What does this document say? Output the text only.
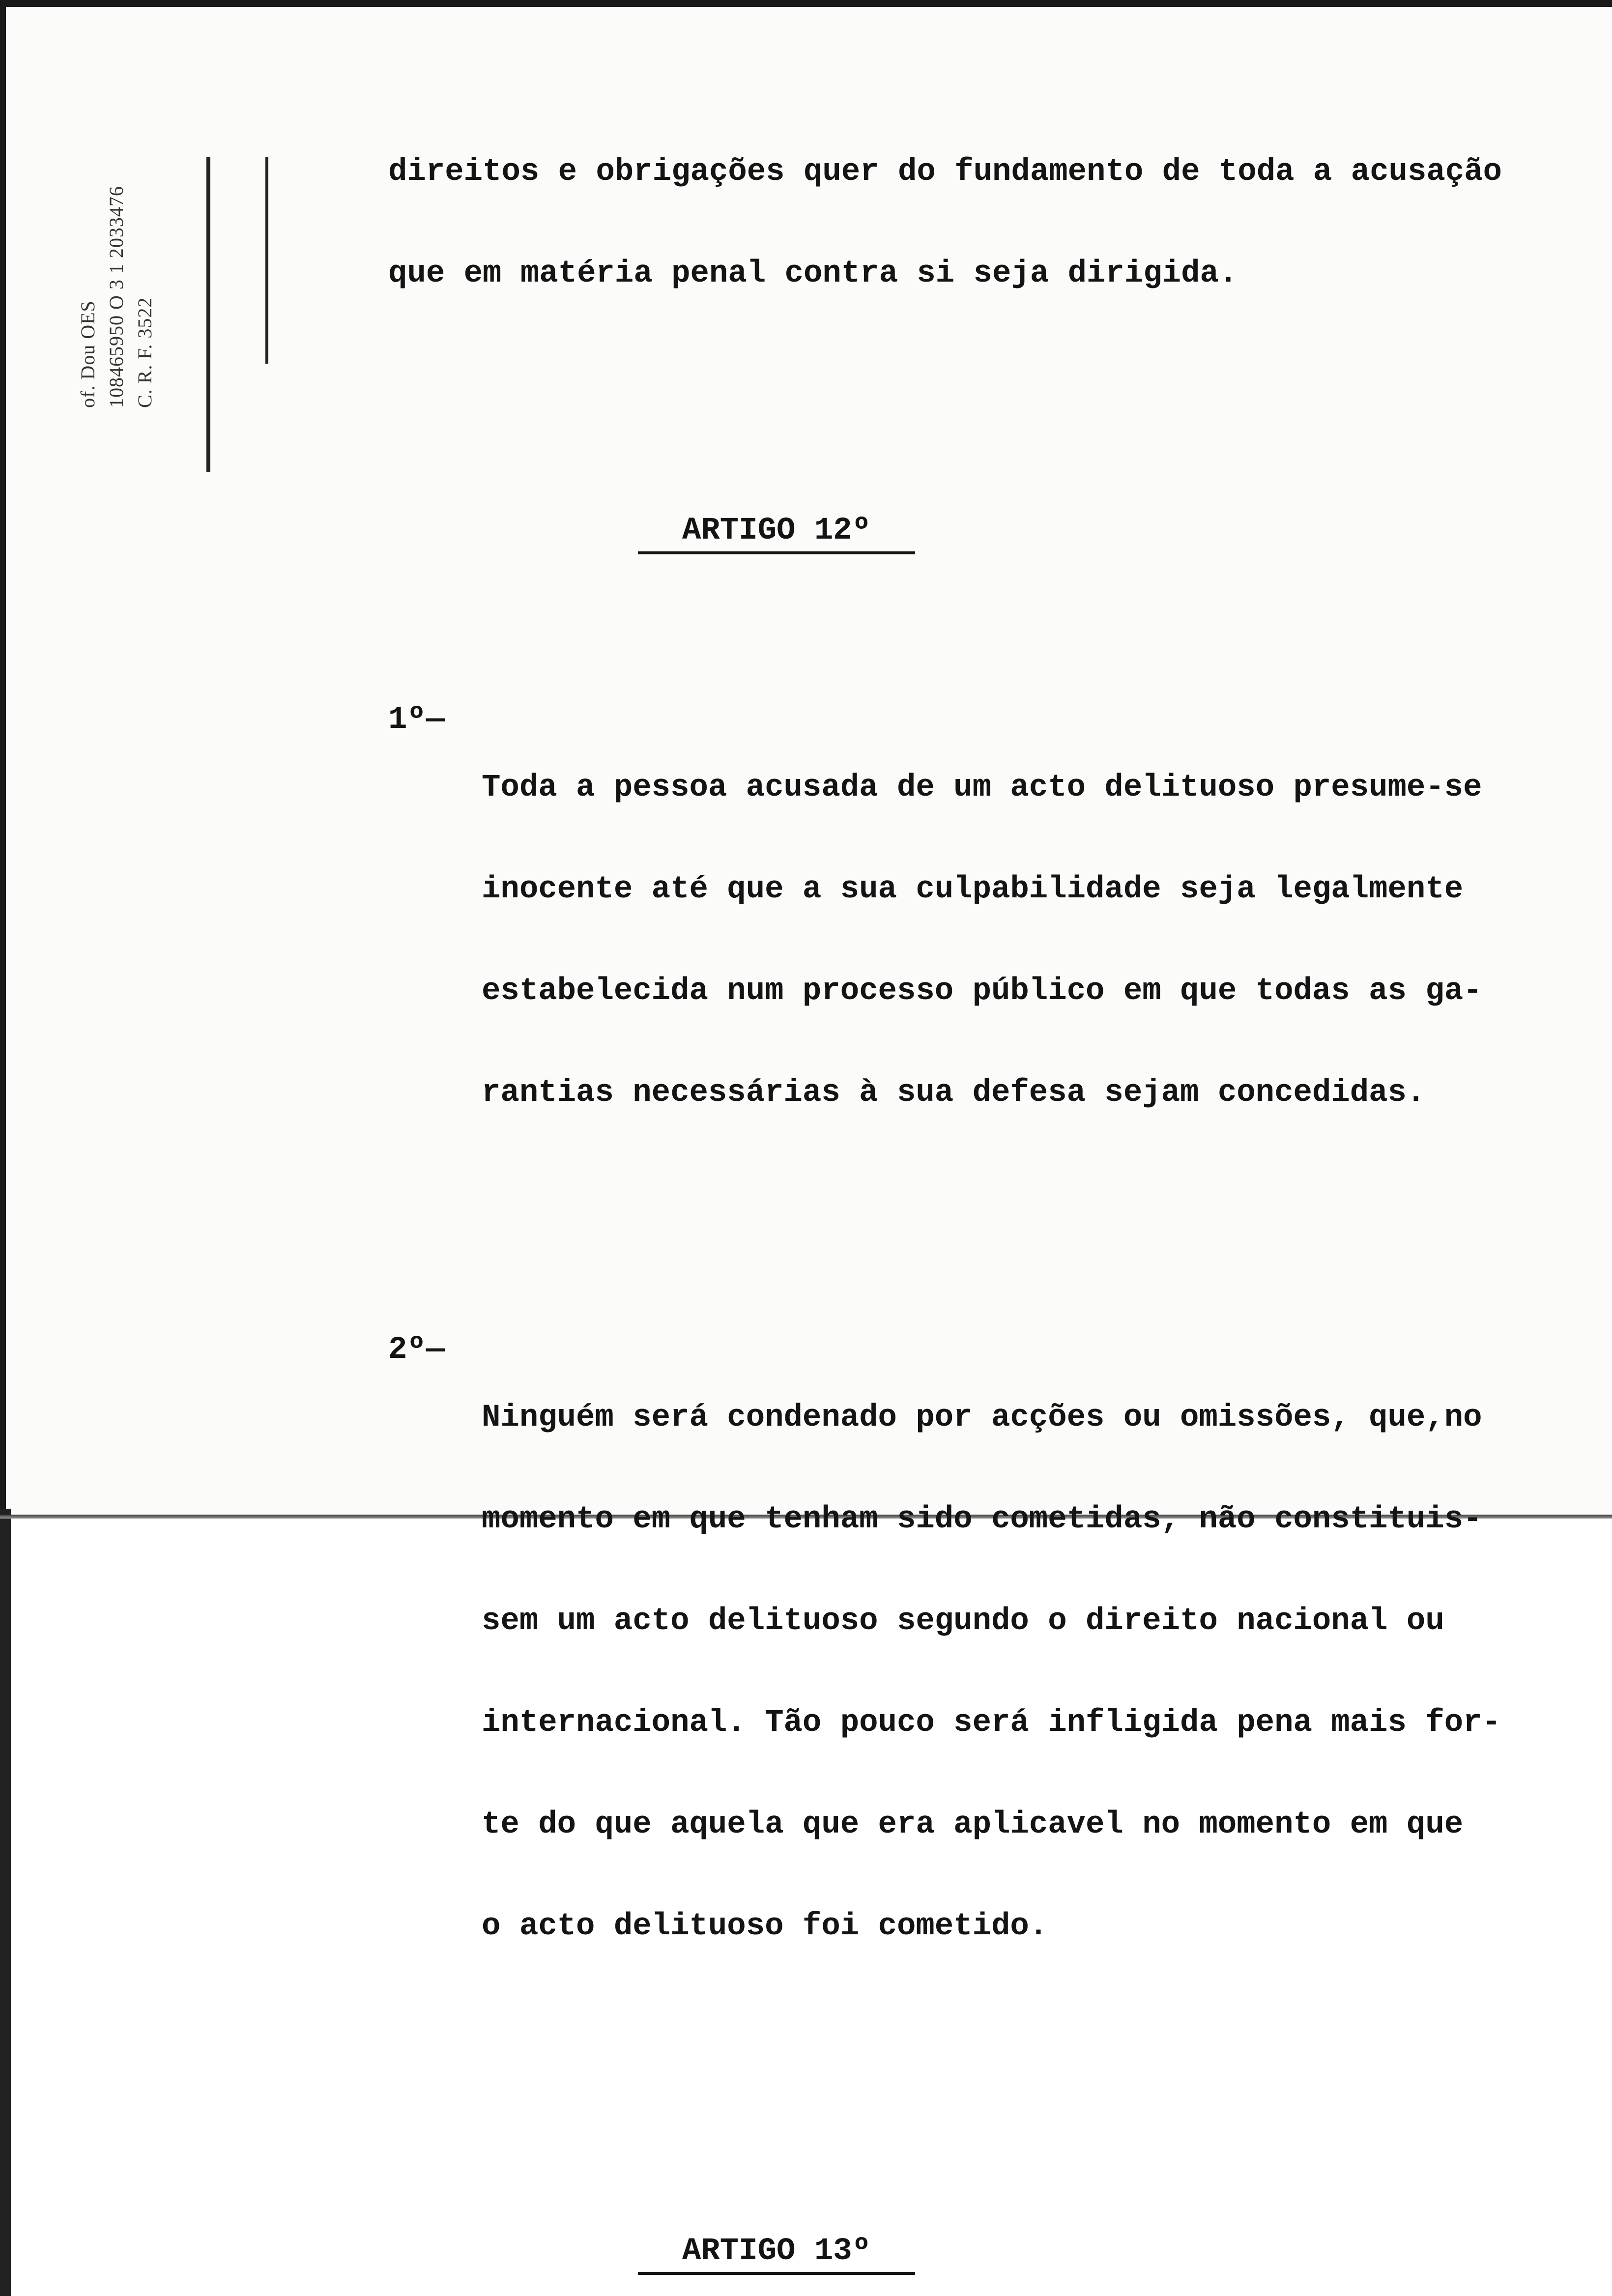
of. Dou OES 108465950 O 3 1 2033476 C. R. F. 3522

direitos e obrigações quer do fundamento de toda a acusação

que em matéria penal contra si seja dirigida.

ARTIGO 12º

1º—

Toda a pessoa acusada de um acto delituoso presume-se

inocente até que a sua culpabilidade seja legalmente

estabelecida num processo público em que todas as ga-

rantias necessárias à sua defesa sejam concedidas.

2º—

Ninguém será condenado por acções ou omissões, que,no

momento em que tenham sido cometidas, não constituis-

sem um acto delituoso segundo o direito nacional ou

internacional. Tão pouco será infligida pena mais for-

te do que aquela que era aplicavel no momento em que

o acto delituoso foi cometido.

ARTIGO 13º
